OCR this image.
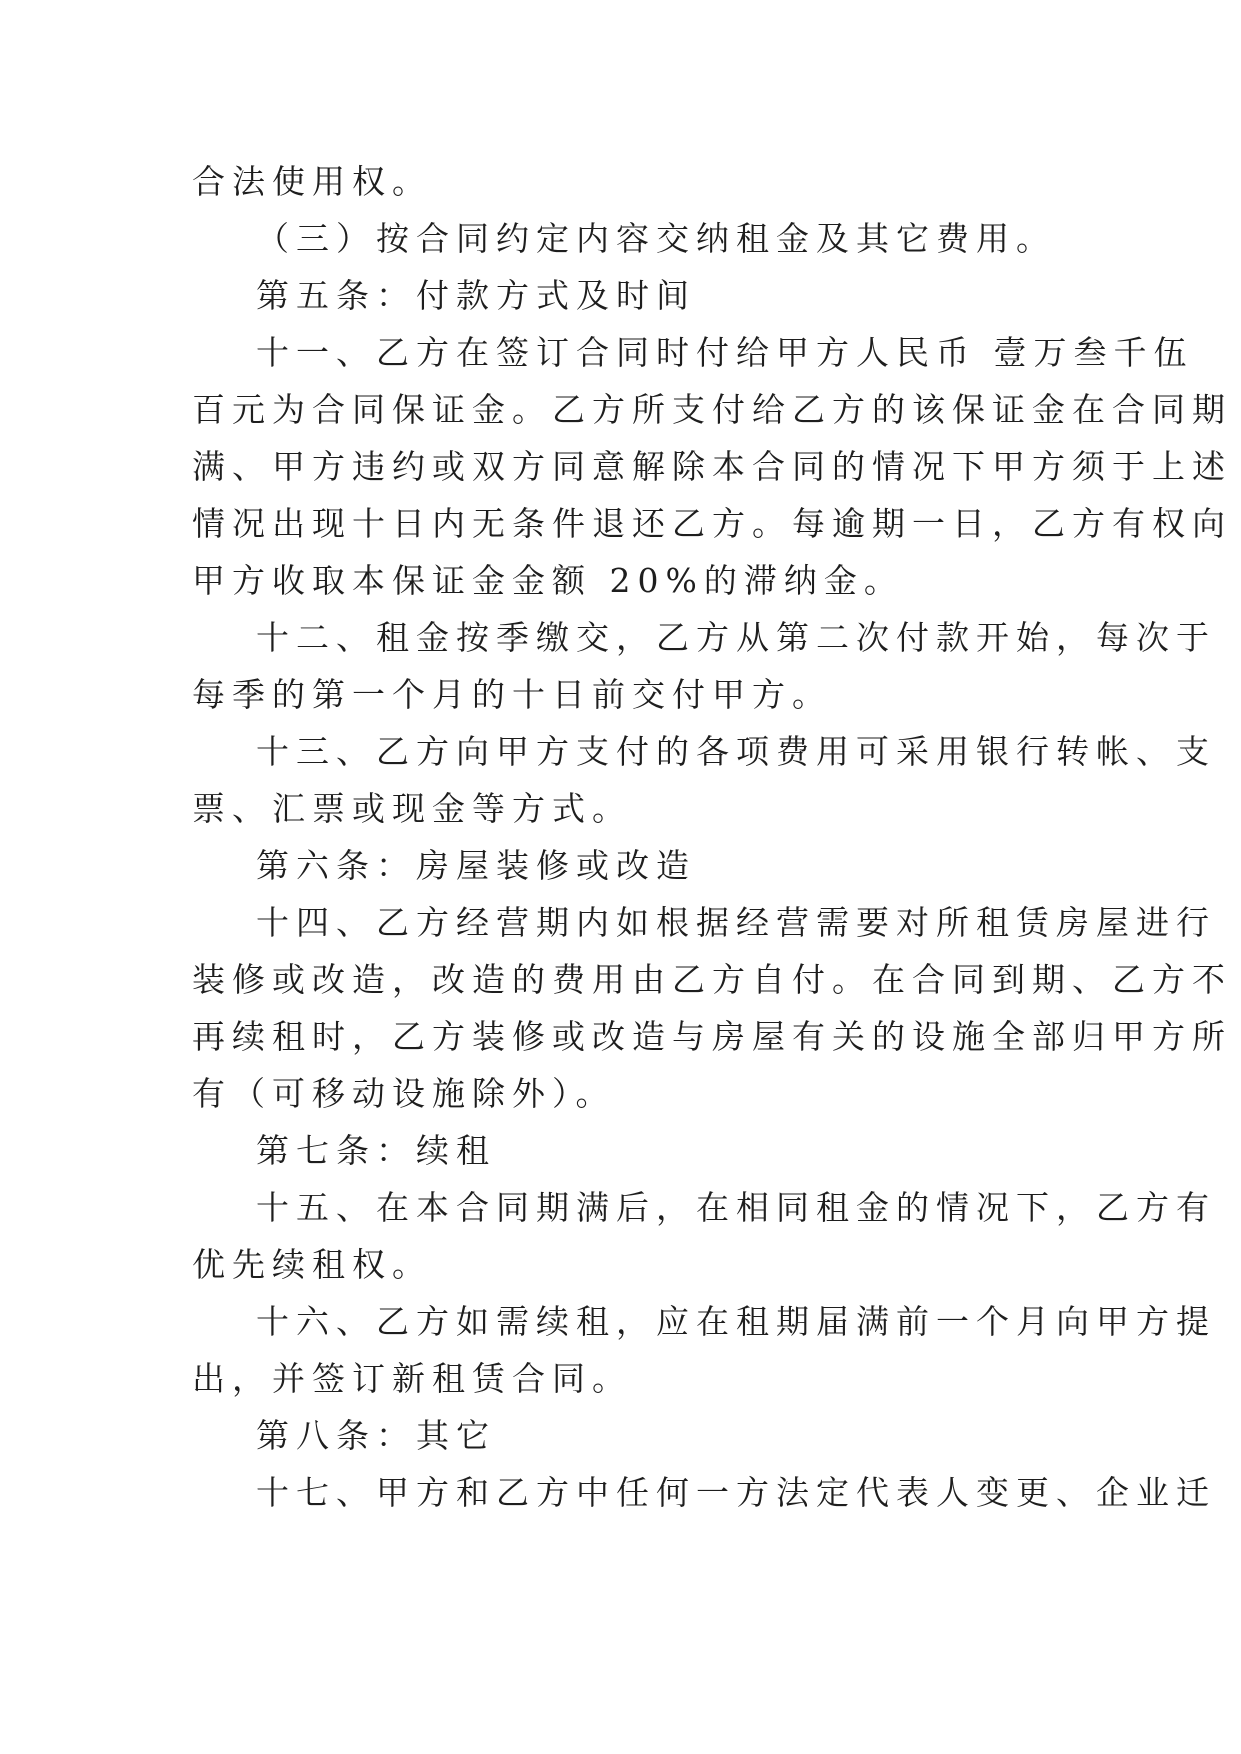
合法使用权。
（三）按合同约定内容交纳租金及其它费用。
第五条：付款方式及时间
十一、乙方在签订合同时付给甲方人民币 壹万叁千伍
百元为合同保证金。乙方所支付给乙方的该保证金在合同期
满、甲方违约或双方同意解除本合同的情况下甲方须于上述
情况出现十日内无条件退还乙方。每逾期一日，乙方有权向
甲方收取本保证金金额 20%的滞纳金。
十二、租金按季缴交，乙方从第二次付款开始，每次于
每季的第一个月的十日前交付甲方。
十三、乙方向甲方支付的各项费用可采用银行转帐、支
票、汇票或现金等方式。
第六条：房屋装修或改造
十四、乙方经营期内如根据经营需要对所租赁房屋进行
装修或改造，改造的费用由乙方自付。在合同到期、乙方不
再续租时，乙方装修或改造与房屋有关的设施全部归甲方所
有（可移动设施除外）。
第七条：续租
十五、在本合同期满后，在相同租金的情况下，乙方有
优先续租权。
十六、乙方如需续租，应在租期届满前一个月向甲方提
出，并签订新租赁合同。
第八条：其它
十七、甲方和乙方中任何一方法定代表人变更、企业迁
